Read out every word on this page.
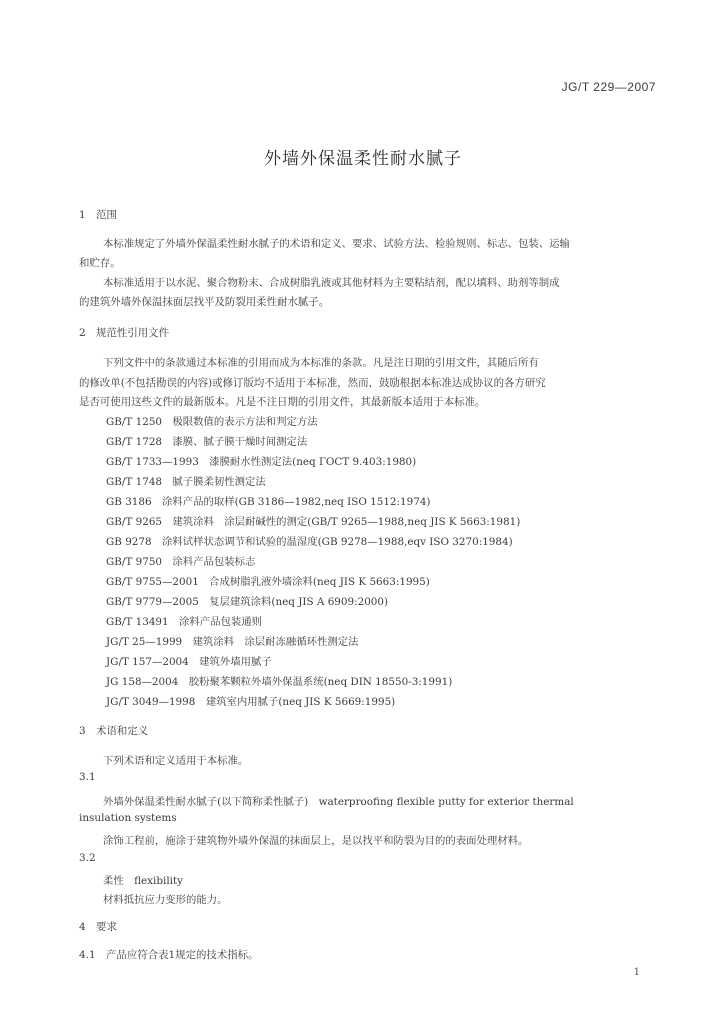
JG/T 229—2007
外墙外保温柔性耐水腻子
1　范围
本标准规定了外墙外保温柔性耐水腻子的术语和定义、要求、试验方法、检验规则、标志、包装、运输
和贮存。
本标准适用于以水泥、聚合物粉末、合成树脂乳液或其他材料为主要粘结剂，配以填料、助剂等制成
的建筑外墙外保温抹面层找平及防裂用柔性耐水腻子。
2　规范性引用文件
下列文件中的条款通过本标准的引用而成为本标准的条款。凡是注日期的引用文件，其随后所有
的修改单(不包括勘误的内容)或修订版均不适用于本标准，然而，鼓励根据本标准达成协议的各方研究
是否可使用这些文件的最新版本。凡是不注日期的引用文件，其最新版本适用于本标准。
GB/T 1250　极限数值的表示方法和判定方法
GB/T 1728　漆膜、腻子膜干燥时间测定法
GB/T 1733—1993　漆膜耐水性测定法(neq ГОСТ 9.403:1980)
GB/T 1748　腻子膜柔韧性测定法
GB 3186　涂料产品的取样(GB 3186—1982,neq ISO 1512:1974)
GB/T 9265　建筑涂料　涂层耐碱性的测定(GB/T 9265—1988,neq JIS K 5663:1981)
GB 9278　涂料试样状态调节和试验的温湿度(GB 9278—1988,eqv ISO 3270:1984)
GB/T 9750　涂料产品包装标志
GB/T 9755—2001　合成树脂乳液外墙涂料(neq JIS K 5663:1995)
GB/T 9779—2005　复层建筑涂料(neq JIS A 6909:2000)
GB/T 13491　涂料产品包装通则
JG/T 25—1999　建筑涂料　涂层耐冻融循环性测定法
JG/T 157—2004　建筑外墙用腻子
JG 158—2004　胶粉聚苯颗粒外墙外保温系统(neq DIN 18550-3:1991)
JG/T 3049—1998　建筑室内用腻子(neq JIS K 5669:1995)
3　术语和定义
下列术语和定义适用于本标准。
3.1
外墙外保温柔性耐水腻子(以下简称柔性腻子)　waterproofing flexible putty for exterior thermal
insulation systems
涂饰工程前，施涂于建筑物外墙外保温的抹面层上，是以找平和防裂为目的的表面处理材料。
3.2
柔性　flexibility
材料抵抗应力变形的能力。
4　要求
4.1　产品应符合表1规定的技术指标。
1
